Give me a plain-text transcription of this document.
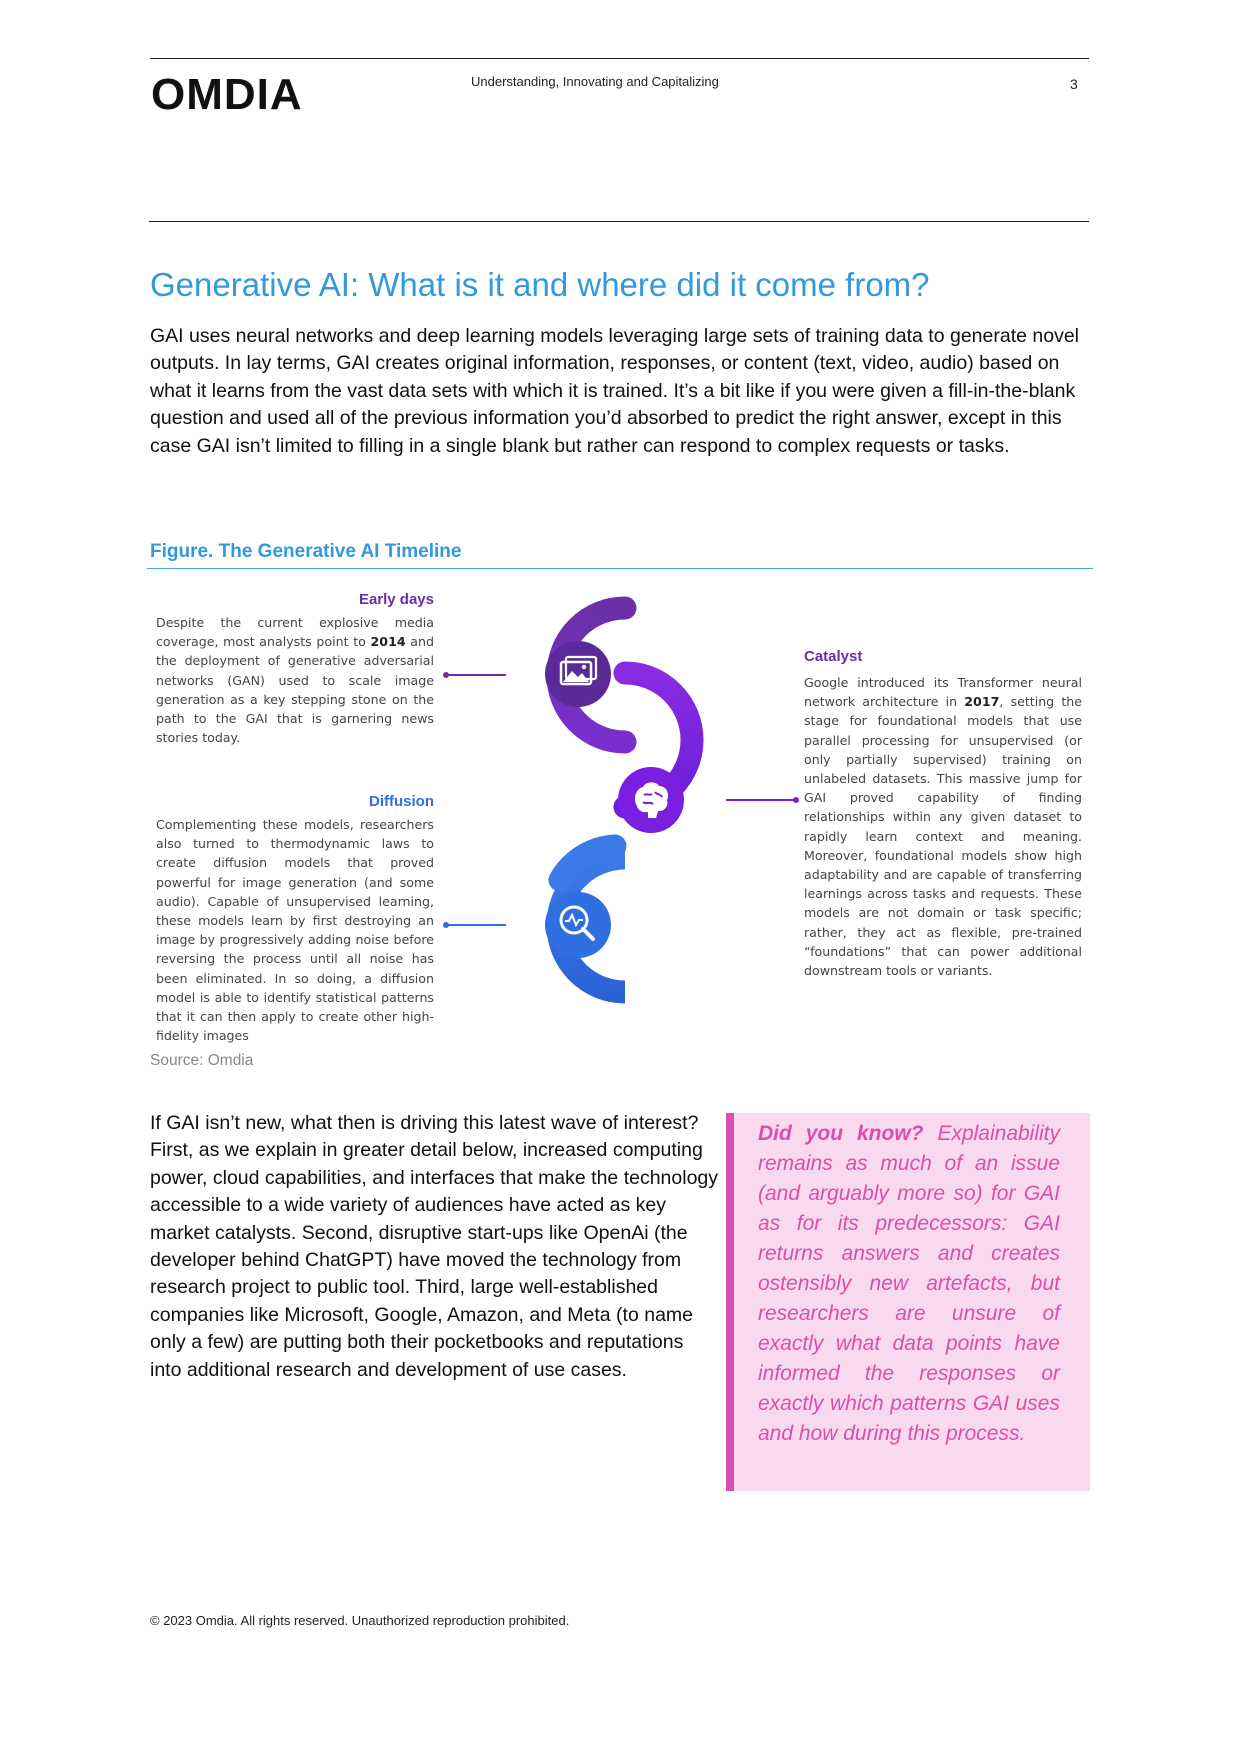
OMDIA	Understanding, Innovating and Capitalizing	3
Generative AI: What is it and where did it come from?

GAI uses neural networks and deep learning models leveraging large sets of training data to generate novel outputs. In lay terms, GAI creates original information, responses, or content (text, video, audio) based on what it learns from the vast data sets with which it is trained. It’s a bit like if you were given a fill-in-the-blank question and used all of the previous information you’d absorbed to predict the right answer, except in this case GAI isn’t limited to filling in a single blank but rather can respond to complex requests or tasks.

Figure. The Generative AI Timeline
Early days

Despite the current explosive media coverage, most analysts point to 2014 and the deployment of generative adversarial networks (GAN) used to scale image generation as a key stepping stone on the path to the GAI that is garnering news stories today.

Diffusion

Complementing these models, researchers also turned to thermodynamic laws to create diffusion models that proved powerful for image generation (and some audio). Capable of unsupervised learning, these models learn by first destroying an image by progressively adding noise before reversing the process until all noise has been eliminated. In so doing, a diffusion model is able to identify statistical patterns that it can then apply to create other high-fidelity images

Catalyst

Google introduced its Transformer neural network architecture in 2017, setting the stage for foundational models that use parallel processing for unsupervised (or only partially supervised) training on unlabeled datasets. This massive jump for GAI proved capability of finding relationships within any given dataset to rapidly learn context and meaning. Moreover, foundational models show high adaptability and are capable of transferring learnings across tasks and requests. These models are not domain or task specific; rather, they act as flexible, pre-trained “foundations” that can power additional downstream tools or variants.

Source: Omdia

If GAI isn’t new, what then is driving this latest wave of interest? First, as we explain in greater detail below, increased computing power, cloud capabilities, and interfaces that make the technology accessible to a wide variety of audiences have acted as key market catalysts. Second, disruptive start-ups like OpenAi (the developer behind ChatGPT) have moved the technology from research project to public tool. Third, large well-established companies like Microsoft, Google, Amazon, and Meta (to name only a few) are putting both their pocketbooks and reputations into additional research and development of use cases.

Did you know? Explainability remains as much of an issue (and arguably more so) for GAI as for its predecessors: GAI returns answers and creates ostensibly new artefacts, but researchers are unsure of exactly what data points have informed the responses or exactly which patterns GAI uses and how during this process.

© 2023 Omdia. All rights reserved. Unauthorized reproduction prohibited.
